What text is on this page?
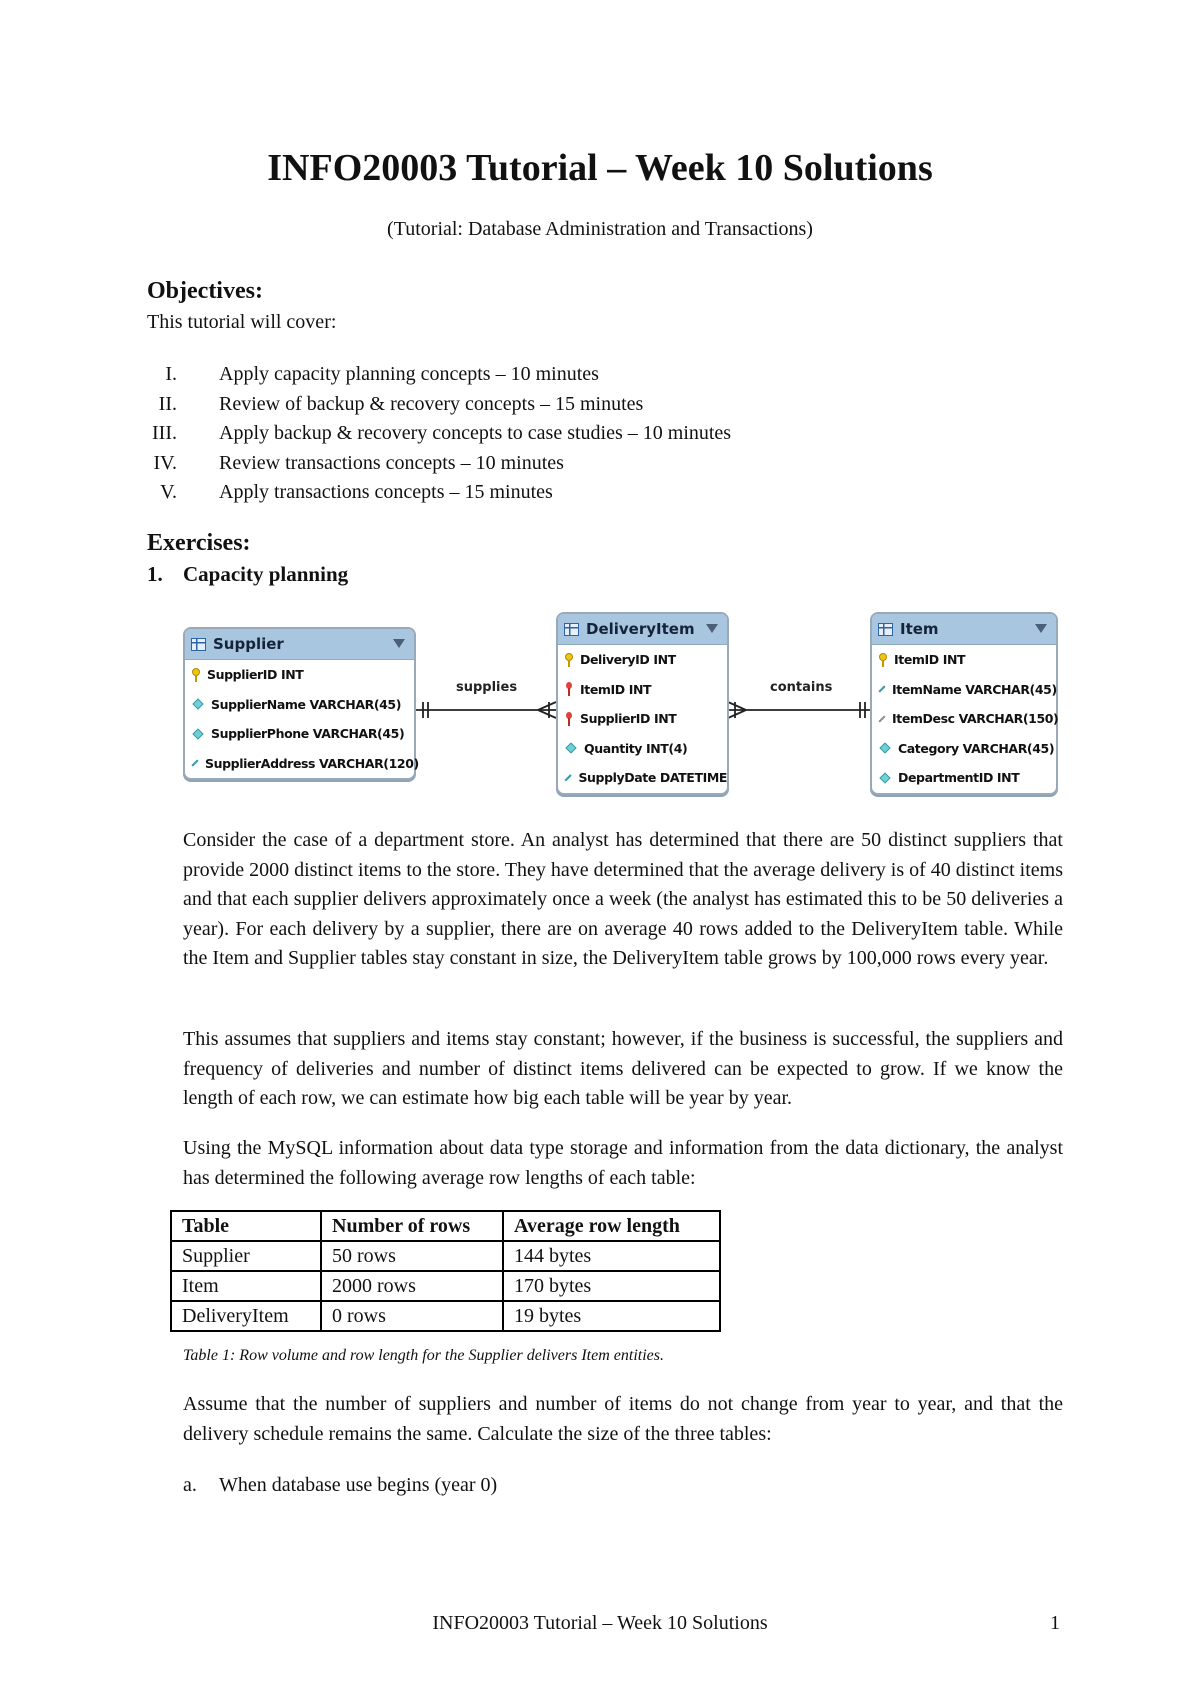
INFO20003 Tutorial – Week 10 Solutions
(Tutorial: Database Administration and Transactions)
Objectives:
This tutorial will cover:
I. Apply capacity planning concepts – 10 minutes
II. Review of backup & recovery concepts – 15 minutes
III. Apply backup & recovery concepts to case studies – 10 minutes
IV. Review transactions concepts – 10 minutes
V. Apply transactions concepts – 15 minutes
Exercises:
1. Capacity planning
supplies	contains
Supplier
SupplierID INT
SupplierName VARCHAR(45)
SupplierPhone VARCHAR(45)
SupplierAddress VARCHAR(120)
DeliveryItem
DeliveryID INT
ItemID INT
SupplierID INT
Quantity INT(4)
SupplyDate DATETIME
Item
ItemID INT
ItemName VARCHAR(45)
ItemDesc VARCHAR(150)
Category VARCHAR(45)
DepartmentID INT

Consider the case of a department store. An analyst has determined that there are 50 distinct suppliers that provide 2000 distinct items to the store. They have determined that the average delivery is of 40 distinct items and that each supplier delivers approximately once a week (the analyst has estimated this to be 50 deliveries a year). For each delivery by a supplier, there are on average 40 rows added to the DeliveryItem table. While the Item and Supplier tables stay constant in size, the DeliveryItem table grows by 100,000 rows every year.

This assumes that suppliers and items stay constant; however, if the business is successful, the suppliers and frequency of deliveries and number of distinct items delivered can be expected to grow. If we know the length of each row, we can estimate how big each table will be year by year.

Using the MySQL information about data type storage and information from the data dictionary, the analyst has determined the following average row lengths of each table:

Table	Number of rows	Average row length
Supplier	50 rows	144 bytes
Item	2000 rows	170 bytes
DeliveryItem	0 rows	19 bytes
Table 1: Row volume and row length for the Supplier delivers Item entities.

Assume that the number of suppliers and number of items do not change from year to year, and that the delivery schedule remains the same. Calculate the size of the three tables:

a. When database use begins (year 0)
INFO20003 Tutorial – Week 10 Solutions	1
